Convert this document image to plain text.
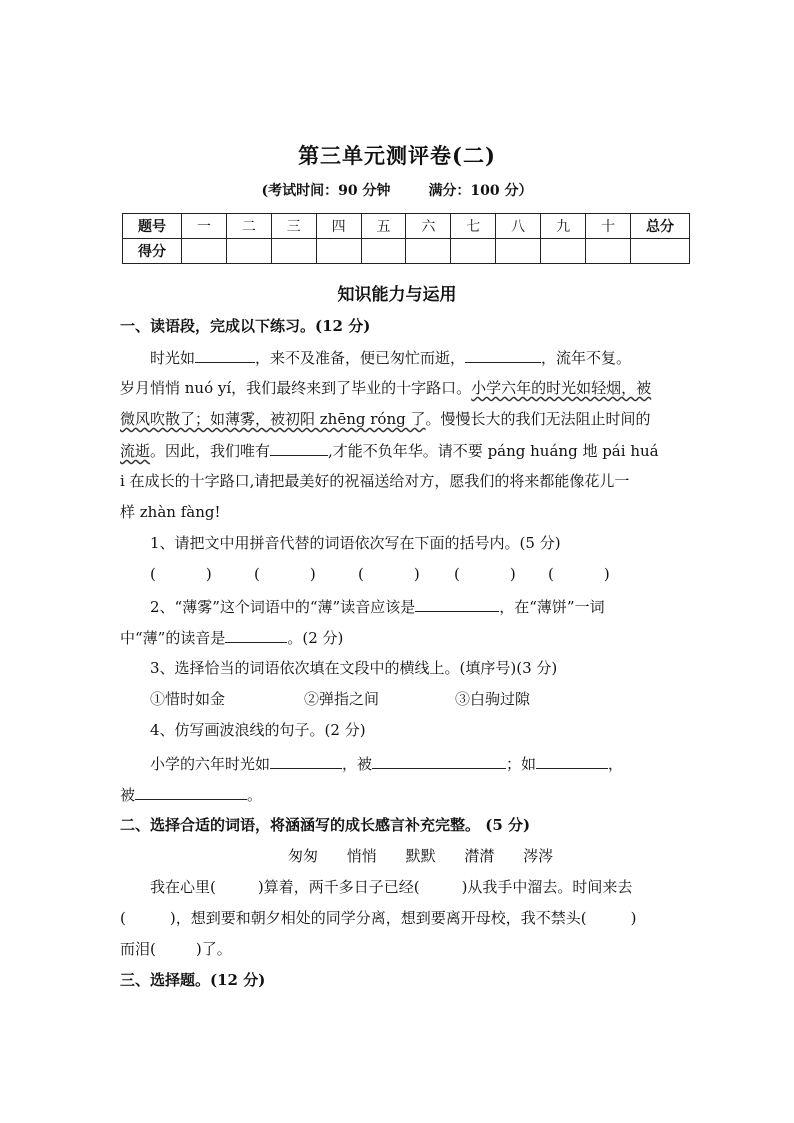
第三单元测评卷(二)
(考试时间：90 分钟	满分：100 分）
题号	一	二	三	四	五	六	七	八	九	十	总分
得分											
知识能力与运用
一、读语段，完成以下练习。(12 分)
时光如	，来不及准备，便已匆忙而逝，	，流年不复。
岁月悄悄 nuó yí，我们最终来到了毕业的十字路口。小学六年的时光如轻烟，被
微风吹散了；如薄雾，被初阳 zhēng róng 了。慢慢长大的我们无法阻止时间的
流逝。因此，我们唯有	,才能不负年华。请不要 páng huáng 地 pái huá
i 在成长的十字路口,请把最美好的祝福送给对方，愿我们的将来都能像花儿一
样 zhàn fàng!
1、请把文中用拼音代替的词语依次写在下面的括号内。(5 分)
(	)	(	)	(	) (	) (	)
2、“薄雾”这个词语中的“薄”读音应该是	，在“薄饼”一词
中“薄”的读音是	。(2 分)
3、选择恰当的词语依次填在文段中的横线上。(填序号)(3 分)
①惜时如金	②弹指之间	③白驹过隙
4、仿写画波浪线的句子。(2 分)
小学的六年时光如	，被	；如	，
被	。
二、选择合适的词语，将涵涵写的成长感言补充完整。 (5 分)
匆匆 悄悄 默默 潸潸 涔涔
我在心里(	)算着，两千多日子已经(	)从我手中溜去。时间来去
(	)，想到要和朝夕相处的同学分离，想到要离开母校，我不禁头(	)
而泪(	)了。
三、选择题。(12 分)
